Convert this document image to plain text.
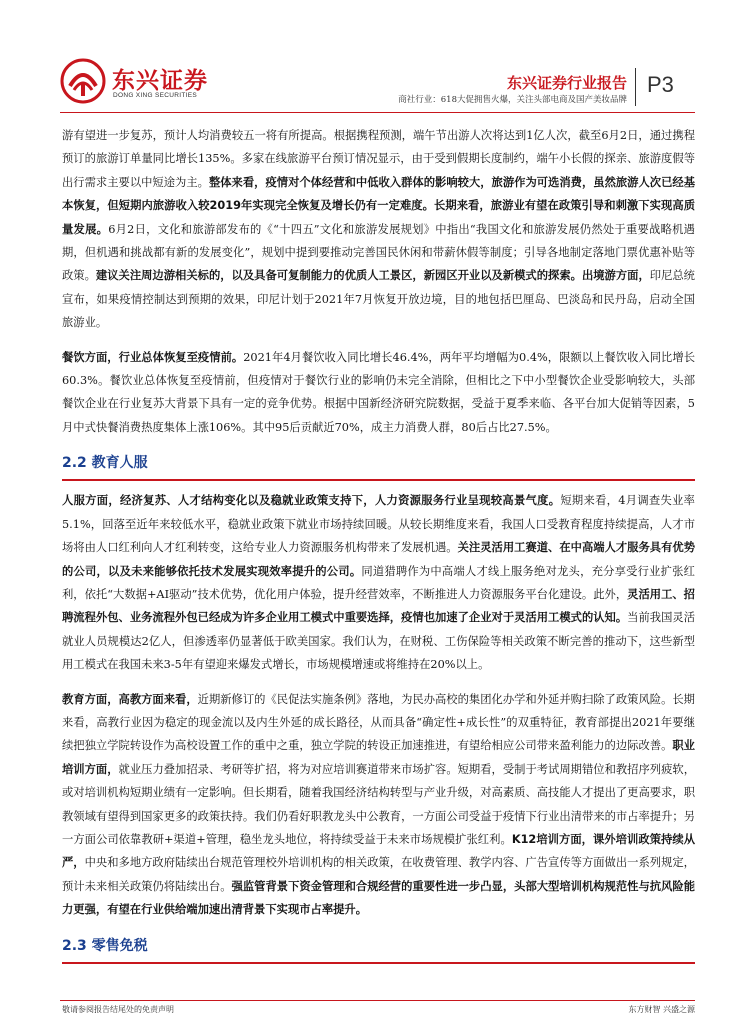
东兴证券
DONG XING SECURITIES
东兴证券行业报告
商社行业：618大促拥售火爆，关注头部电商及国产美妆品牌
P3

游有望进一步复苏，预计人均消费较五一将有所提高。根据携程预测，端午节出游人次将达到1亿人次，截至6月2日，通过携程预订的旅游订单量同比增长135%。多家在线旅游平台预订情况显示，由于受到假期长度制约，端午小长假的探亲、旅游度假等出行需求主要以中短途为主。整体来看，疫情对个体经营和中低收入群体的影响较大，旅游作为可选消费，虽然旅游人次已经基本恢复，但短期内旅游收入较2019年实现完全恢复及增长仍有一定难度。长期来看，旅游业有望在政策引导和刺激下实现高质量发展。6月2日，文化和旅游部发布的《“十四五”文化和旅游发展规划》中指出“我国文化和旅游发展仍然处于重要战略机遇期，但机遇和挑战都有新的发展变化”，规划中提到要推动完善国民休闲和带薪休假等制度；引导各地制定落地门票优惠补贴等政策。建议关注周边游相关标的，以及具备可复制能力的优质人工景区，新园区开业以及新模式的探索。出境游方面，印尼总统宣布，如果疫情控制达到预期的效果，印尼计划于2021年7月恢复开放边境，目的地包括巴厘岛、巴淡岛和民丹岛，启动全国旅游业。

餐饮方面，行业总体恢复至疫情前。2021年4月餐饮收入同比增长46.4%，两年平均增幅为0.4%，限额以上餐饮收入同比增长60.3%。餐饮业总体恢复至疫情前，但疫情对于餐饮行业的影响仍未完全消除，但相比之下中小型餐饮企业受影响较大，头部餐饮企业在行业复苏大背景下具有一定的竞争优势。根据中国新经济研究院数据，受益于夏季来临、各平台加大促销等因素，5月中式快餐消费热度集体上涨106%。其中95后贡献近70%，成主力消费人群，80后占比27.5%。

2.2 教育人服

人服方面，经济复苏、人才结构变化以及稳就业政策支持下，人力资源服务行业呈现较高景气度。短期来看，4月调查失业率5.1%，回落至近年来较低水平，稳就业政策下就业市场持续回暖。从较长期维度来看，我国人口受教育程度持续提高，人才市场将由人口红利向人才红利转变，这给专业人力资源服务机构带来了发展机遇。关注灵活用工赛道、在中高端人才服务具有优势的公司，以及未来能够依托技术发展实现效率提升的公司。同道猎聘作为中高端人才线上服务绝对龙头，充分享受行业扩张红利，依托“大数据+AI驱动”技术优势，优化用户体验，提升经营效率，不断推进人力资源服务平台化建设。此外，灵活用工、招聘流程外包、业务流程外包已经成为许多企业用工模式中重要选择，疫情也加速了企业对于灵活用工模式的认知。当前我国灵活就业人员规模达2亿人，但渗透率仍显著低于欧美国家。我们认为，在财税、工伤保险等相关政策不断完善的推动下，这些新型用工模式在我国未来3-5年有望迎来爆发式增长，市场规模增速或将维持在20%以上。

教育方面，高教方面来看，近期新修订的《民促法实施条例》落地，为民办高校的集团化办学和外延并购扫除了政策风险。长期来看，高教行业因为稳定的现金流以及内生外延的成长路径，从而具备“确定性+成长性”的双重特征，教育部提出2021年要继续把独立学院转设作为高校设置工作的重中之重，独立学院的转设正加速推进，有望给相应公司带来盈利能力的边际改善。职业培训方面，就业压力叠加招录、考研等扩招，将为对应培训赛道带来市场扩容。短期看，受制于考试周期错位和教招序列疲软，或对培训机构短期业绩有一定影响。但长期看，随着我国经济结构转型与产业升级，对高素质、高技能人才提出了更高要求，职教领域有望得到国家更多的政策扶持。我们仍看好职教龙头中公教育，一方面公司受益于疫情下行业出清带来的市占率提升；另一方面公司依靠教研+渠道+管理，稳坐龙头地位，将持续受益于未来市场规模扩张红利。K12培训方面，课外培训政策持续从严，中央和多地方政府陆续出台规范管理校外培训机构的相关政策，在收费管理、教学内容、广告宣传等方面做出一系列规定，预计未来相关政策仍将陆续出台。强监管背景下资金管理和合规经营的重要性进一步凸显，头部大型培训机构规范性与抗风险能力更强，有望在行业供给端加速出清背景下实现市占率提升。

2.3 零售免税
敬请参阅报告结尾处的免责声明	东方财智 兴盛之源
